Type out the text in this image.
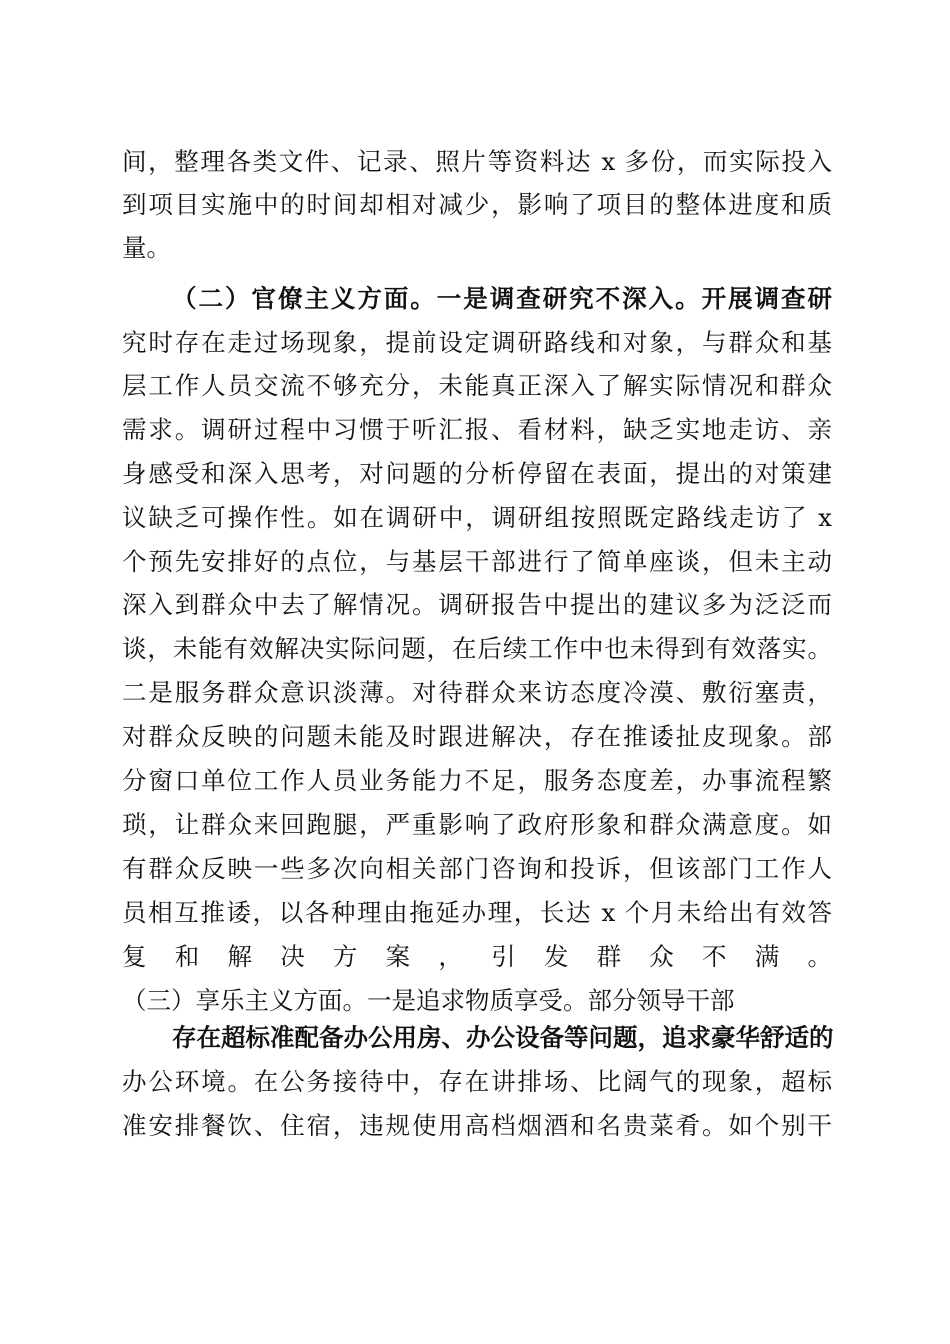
间，整理各类文件、记录、照片等资料达 x 多份，而实际投入
到项目实施中的时间却相对减少，影响了项目的整体进度和质
量。
（二）官僚主义方面。一是调查研究不深入。开展调查研
究时存在走过场现象，提前设定调研路线和对象，与群众和基
层工作人员交流不够充分，未能真正深入了解实际情况和群众
需求。调研过程中习惯于听汇报、看材料，缺乏实地走访、亲
身感受和深入思考，对问题的分析停留在表面，提出的对策建
议缺乏可操作性。如在调研中，调研组按照既定路线走访了 x
个预先安排好的点位，与基层干部进行了简单座谈，但未主动
深入到群众中去了解情况。调研报告中提出的建议多为泛泛而
谈，未能有效解决实际问题，在后续工作中也未得到有效落实。
二是服务群众意识淡薄。对待群众来访态度冷漠、敷衍塞责，
对群众反映的问题未能及时跟进解决，存在推诿扯皮现象。部
分窗口单位工作人员业务能力不足，服务态度差，办事流程繁
琐，让群众来回跑腿，严重影响了政府形象和群众满意度。如
有群众反映一些多次向相关部门咨询和投诉，但该部门工作人
员相互推诿，以各种理由拖延办理，长达 x 个月未给出有效答
复和解决方案，引发群众不满。
（三）享乐主义方面。一是追求物质享受。部分领导干部
存在超标准配备办公用房、办公设备等问题，追求豪华舒适的
办公环境。在公务接待中，存在讲排场、比阔气的现象，超标
准安排餐饮、住宿，违规使用高档烟酒和名贵菜肴。如个别干
